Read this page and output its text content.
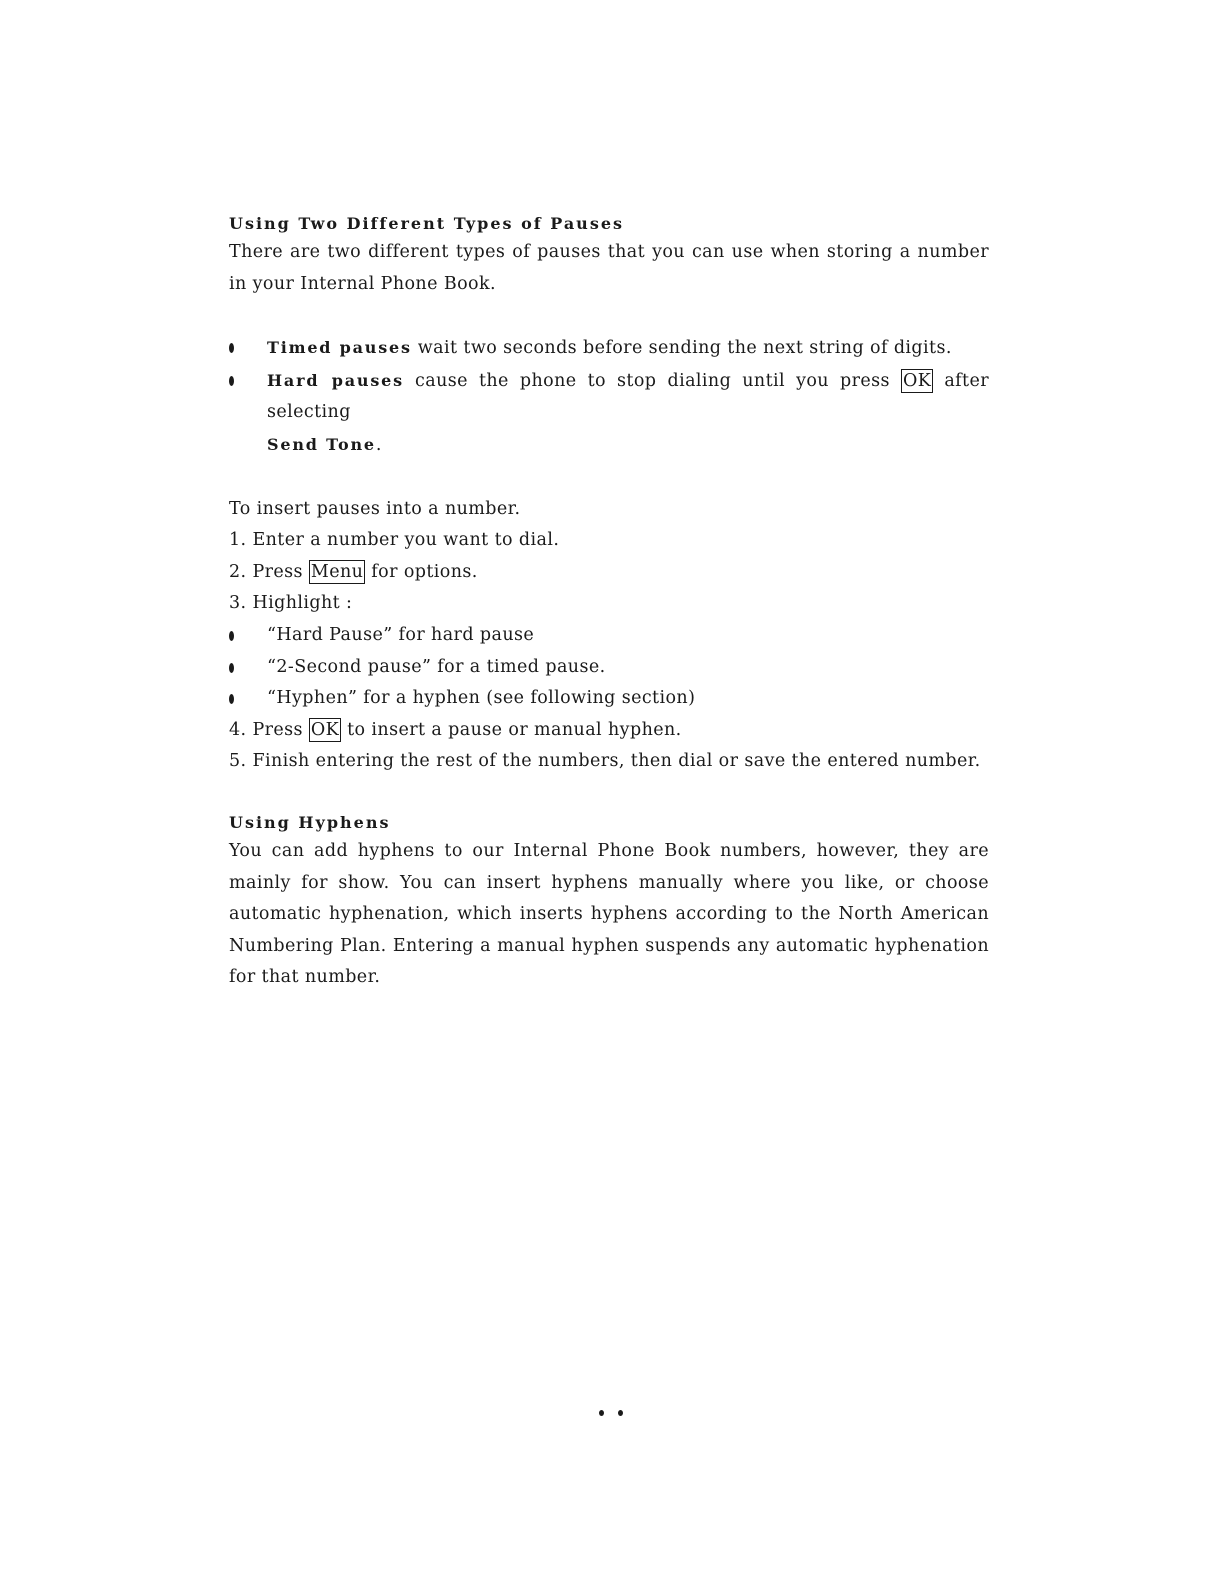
Using Two Different Types of Pauses

There are two different types of pauses that you can use when storing a number in your Internal Phone Book.

Timed pauses wait two seconds before sending the next string of digits.
Hard pauses cause the phone to stop dialing until you press OK after selecting
Send Tone.
To insert pauses into a number.
1. Enter a number you want to dial.
2. Press Menu for options.
3. Highlight :
“Hard Pause” for hard pause
“2-Second pause” for a timed pause.
“Hyphen” for a hyphen (see following section)
4. Press OK to insert a pause or manual hyphen.
5. Finish entering the rest of the numbers, then dial or save the entered number.

Using Hyphens

You can add hyphens to our Internal Phone Book numbers, however, they are mainly for show. You can insert hyphens manually where you like, or choose automatic hyphenation, which inserts hyphens according to the North American Numbering Plan. Entering a manual hyphen suspends any automatic hyphenation for that number.
